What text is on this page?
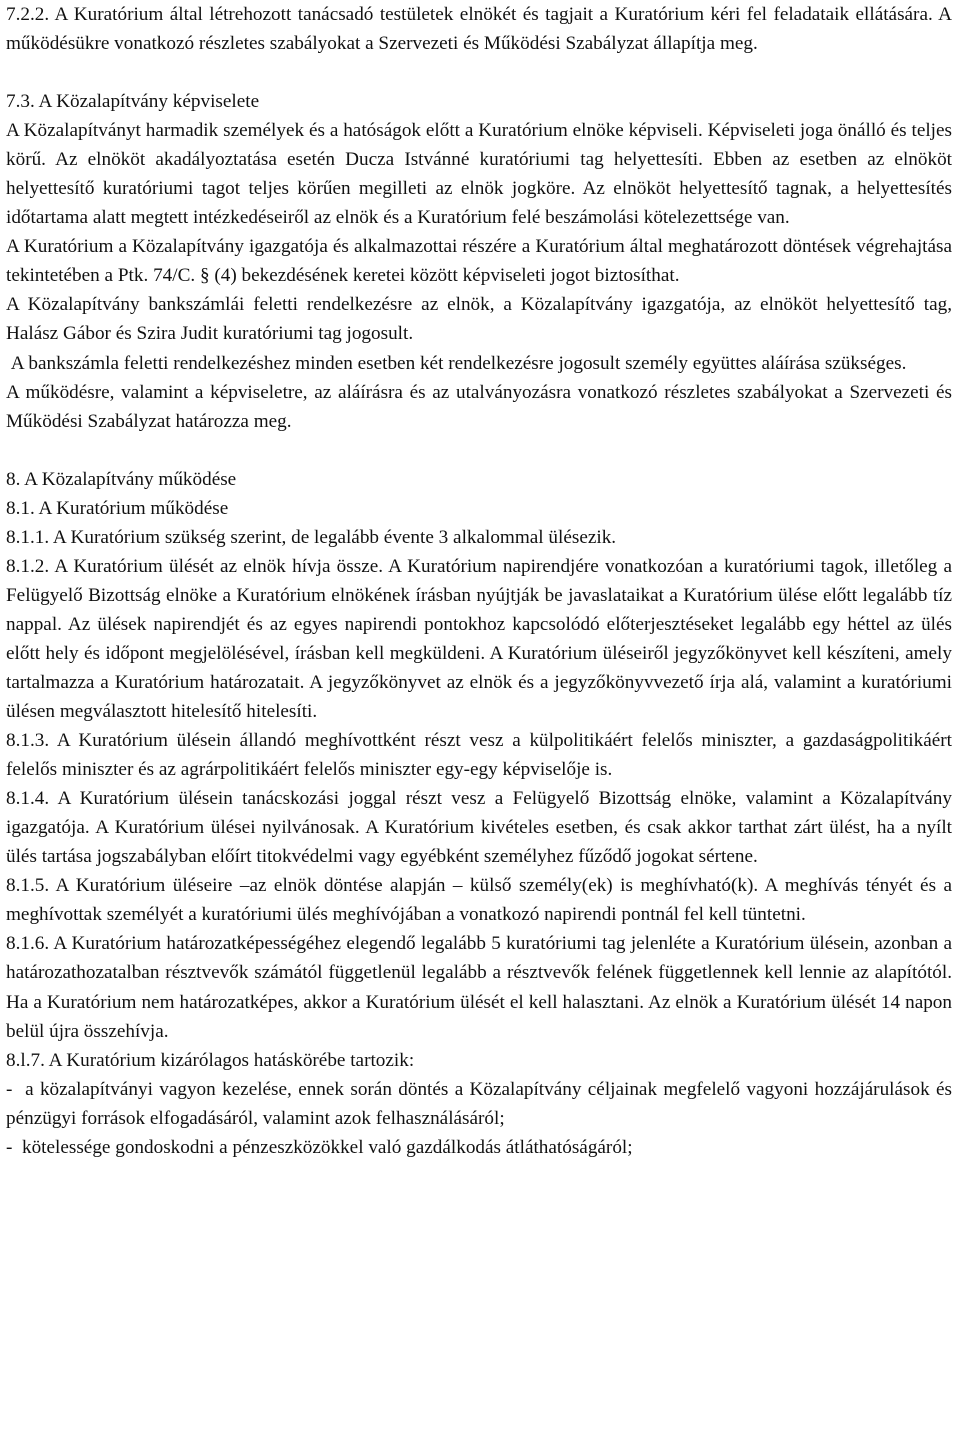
7.2.2. A Kuratórium által létrehozott tanácsadó testületek elnökét és tagjait a Kuratórium kéri fel feladataik ellátására. A működésükre vonatkozó részletes szabályokat a Szervezeti és Működési Szabályzat állapítja meg.

7.3. A Közalapítvány képviselete

A Közalapítványt harmadik személyek és a hatóságok előtt a Kuratórium elnöke képviseli. Képviseleti joga önálló és teljes körű. Az elnököt akadályoztatása esetén Ducza Istvánné kuratóriumi tag helyettesíti. Ebben az esetben az elnököt helyettesítő kuratóriumi tagot teljes körűen megilleti az elnök jogköre. Az elnököt helyettesítő tagnak, a helyettesítés időtartama alatt megtett intézkedéseiről az elnök és a Kuratórium felé beszámolási kötelezettsége van.

A Kuratórium a Közalapítvány igazgatója és alkalmazottai részére a Kuratórium által meghatározott döntések végrehajtása tekintetében a Ptk. 74/C. § (4) bekezdésének keretei között képviseleti jogot biztosíthat.

A Közalapítvány bankszámlái feletti rendelkezésre az elnök, a Közalapítvány igazgatója, az elnököt helyettesítő tag, Halász Gábor és Szira Judit kuratóriumi tag jogosult.

A bankszámla feletti rendelkezéshez minden esetben két rendelkezésre jogosult személy együttes aláírása szükséges.

A működésre, valamint a képviseletre, az aláírásra és az utalványozásra vonatkozó részletes szabályokat a Szervezeti és Működési Szabályzat határozza meg.

8. A Közalapítvány működése

8.1. A Kuratórium működése

8.1.1. A Kuratórium szükség szerint, de legalább évente 3 alkalommal ülésezik.

8.1.2. A Kuratórium ülését az elnök hívja össze. A Kuratórium napirendjére vonatkozóan a kuratóriumi tagok, illetőleg a Felügyelő Bizottság elnöke a Kuratórium elnökének írásban nyújtják be javaslataikat a Kuratórium ülése előtt legalább tíz nappal. Az ülések napirendjét és az egyes napirendi pontokhoz kapcsolódó előterjesztéseket legalább egy héttel az ülés előtt hely és időpont megjelölésével, írásban kell megküldeni. A Kuratórium üléseiről jegyzőkönyvet kell készíteni, amely tartalmazza a Kuratórium határozatait. A jegyzőkönyvet az elnök és a jegyzőkönyvvezető írja alá, valamint a kuratóriumi ülésen megválasztott hitelesítő hitelesíti.

8.1.3. A Kuratórium ülésein állandó meghívottként részt vesz a külpolitikáért felelős miniszter, a gazdaságpolitikáért felelős miniszter és az agrárpolitikáért felelős miniszter egy-egy képviselője is.

8.1.4. A Kuratórium ülésein tanácskozási joggal részt vesz a Felügyelő Bizottság elnöke, valamint a Közalapítvány igazgatója. A Kuratórium ülései nyilvánosak. A Kuratórium kivételes esetben, és csak akkor tarthat zárt ülést, ha a nyílt ülés tartása jogszabályban előírt titokvédelmi vagy egyébként személyhez fűződő jogokat sértene.

8.1.5. A Kuratórium üléseire –az elnök döntése alapján – külső személy(ek) is meghívható(k). A meghívás tényét és a meghívottak személyét a kuratóriumi ülés meghívójában a vonatkozó napirendi pontnál fel kell tüntetni.

8.1.6. A Kuratórium határozatképességéhez elegendő legalább 5 kuratóriumi tag jelenléte a Kuratórium ülésein, azonban a határozathozatalban résztvevők számától függetlenül legalább a résztvevők felének függetlennek kell lennie az alapítótól. Ha a Kuratórium nem határozatképes, akkor a Kuratórium ülését el kell halasztani. Az elnök a Kuratórium ülését 14 napon belül újra összehívja.

8.l.7. A Kuratórium kizárólagos hatáskörébe tartozik:

-  a közalapítványi vagyon kezelése, ennek során döntés a Közalapítvány céljainak megfelelő vagyoni hozzájárulások és pénzügyi források elfogadásáról, valamint azok felhasználásáról;

-  kötelessége gondoskodni a pénzeszközökkel való gazdálkodás átláthatóságáról;
